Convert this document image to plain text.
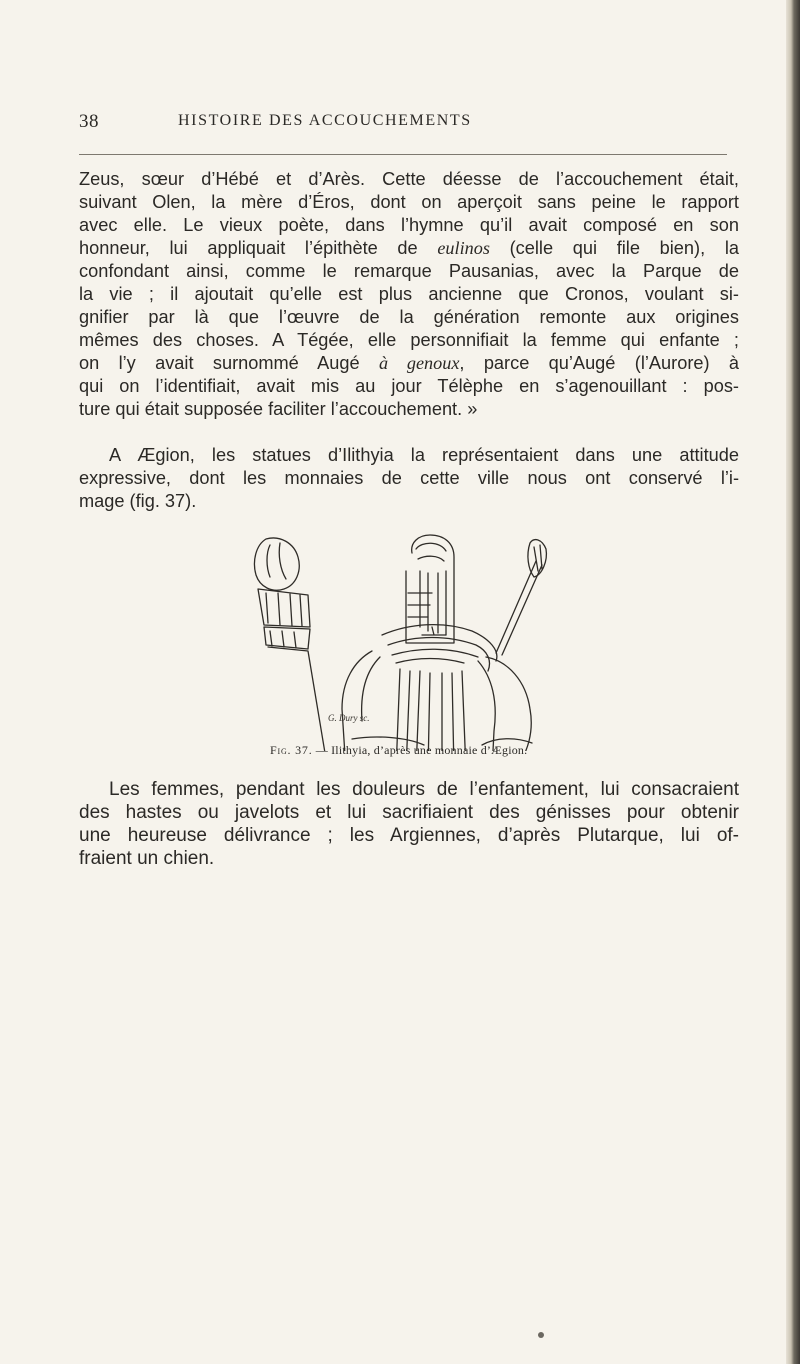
38	HISTOIRE DES ACCOUCHEMENTS
Zeus, sœur d’Hébé et d’Arès. Cette déesse de l’accouchement était,
suivant Olen, la mère d’Éros, dont on aperçoit sans peine le rapport
avec elle. Le vieux poète, dans l’hymne qu’il avait composé en son
honneur, lui appliquait l’épithète de eulinos (celle qui file bien), la
confondant ainsi, comme le remarque Pausanias, avec la Parque de
la vie ; il ajoutait qu’elle est plus ancienne que Cronos, voulant si-
gnifier par là que l’œuvre de la génération remonte aux origines
mêmes des choses. A Tégée, elle personnifiait la femme qui enfante ;
on l’y avait surnommé Augé à genoux, parce qu’Augé (l’Aurore) à
qui on l’identifiait, avait mis au jour Télèphe en s’agenouillant : pos-
ture qui était supposée faciliter l’accouchement. »
A Ægion, les statues d’Ilithyia la représentaient dans une attitude
expressive, dont les monnaies de cette ville nous ont conservé l’i-
mage (fig. 37).
G. Dury sc.
Fig. 37. — Ilithyia, d’après une monnaie d’Ægion.
Les femmes, pendant les douleurs de l’enfantement, lui consacraient
des hastes ou javelots et lui sacrifiaient des génisses pour obtenir
une heureuse délivrance ; les Argiennes, d’après Plutarque, lui of-
fraient un chien.
